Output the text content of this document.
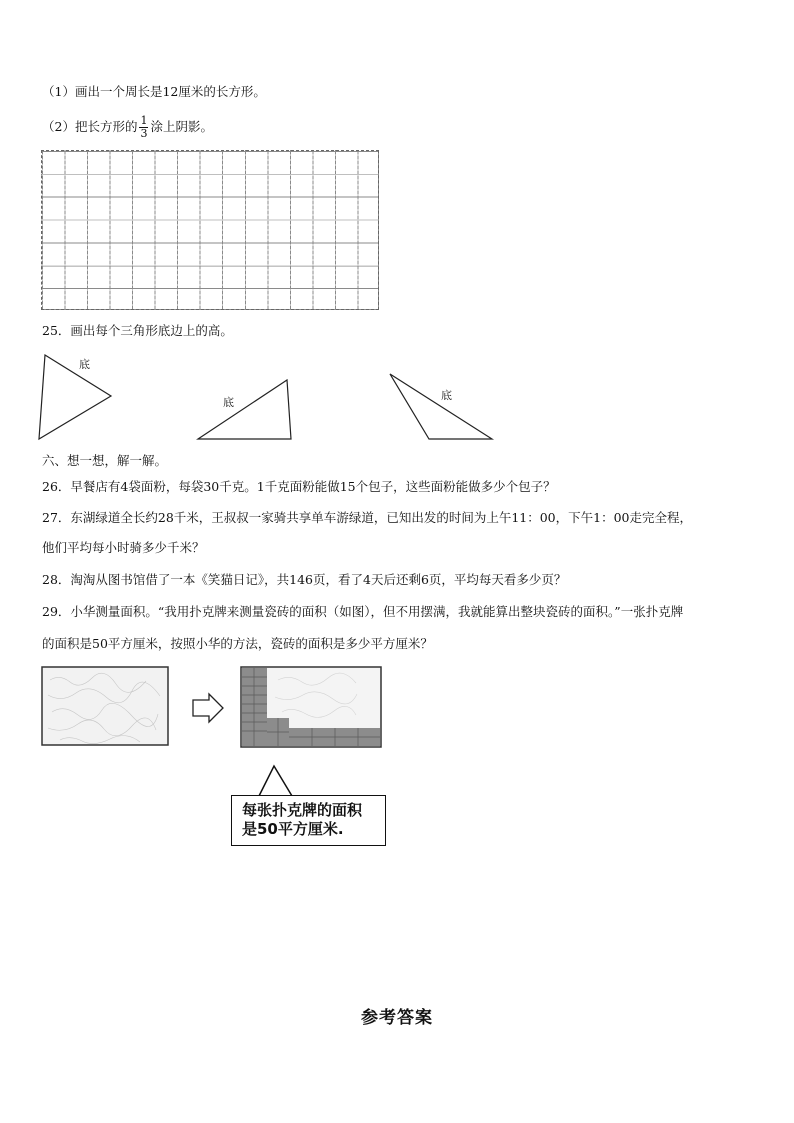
（1）画出一个周长是12厘米的长方形。
（2）把长方形的 $\frac{1}{3}$ 涂上阴影。
25．画出每个三角形底边上的高。
底
底
底
六、想一想，解一解。
26．早餐店有4袋面粉，每袋30千克。1千克面粉能做15个包子，这些面粉能做多少个包子？
27．东湖绿道全长约28千米，王叔叔一家骑共享单车游绿道，已知出发的时间为上午11：00，下午1：00走完全程，
他们平均每小时骑多少千米？
28．淘淘从图书馆借了一本《笑猫日记》，共146页，看了4天后还剩6页，平均每天看多少页？
29．小华测量面积。“我用扑克牌来测量瓷砖的面积（如图），但不用摆满，我就能算出整块瓷砖的面积。”一张扑克牌
的面积是50平方厘米，按照小华的方法，瓷砖的面积是多少平方厘米？
每张扑克牌的面积
是50平方厘米.
参考答案
